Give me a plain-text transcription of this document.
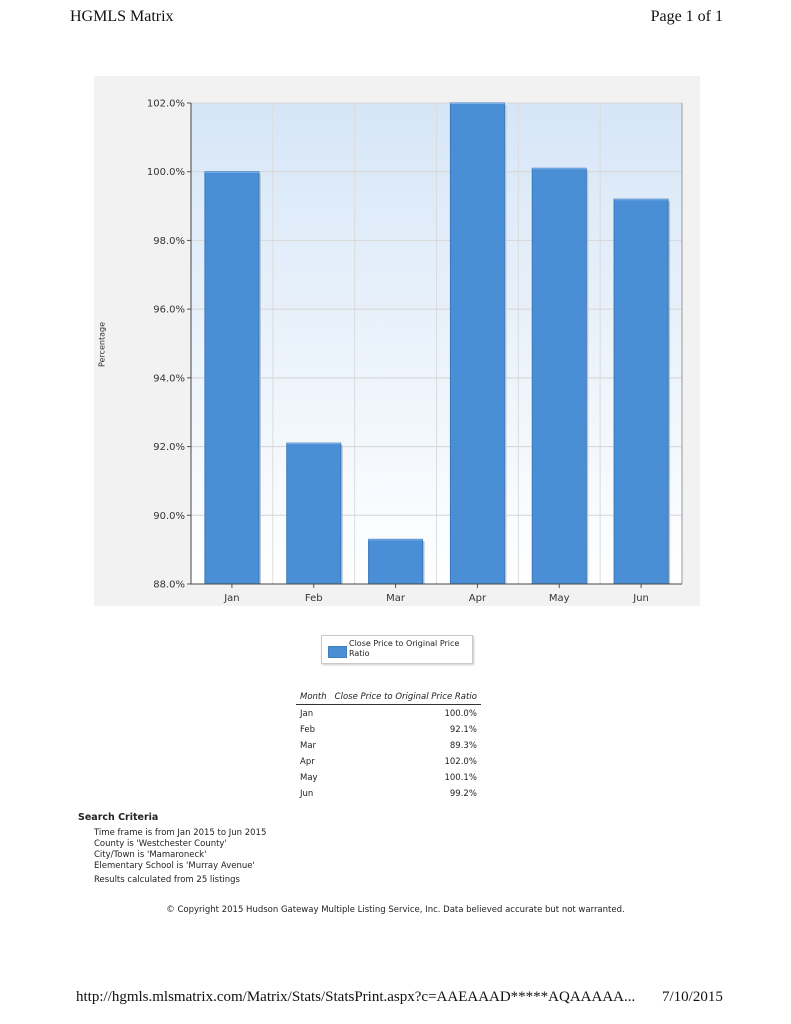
HGMLS Matrix	Page 1 of 1
88.0%
90.0%
92.0%
94.0%
96.0%
98.0%
100.0%
102.0%
Jan	Feb	Mar	Apr	May	Jun
Percentage
Close Price to Original Price Ratio
Month	Close Price to Original Price Ratio
Jan	100.0%
Feb	92.1%
Mar	89.3%
Apr	102.0%
May	100.1%
Jun	99.2%
Search Criteria
Time frame is from Jan 2015 to Jun 2015
County is 'Westchester County'
City/Town is 'Mamaroneck'
Elementary School is 'Murray Avenue'
Results calculated from 25 listings
© Copyright 2015 Hudson Gateway Multiple Listing Service, Inc. Data believed accurate but not warranted.
http://hgmls.mlsmatrix.com/Matrix/Stats/StatsPrint.aspx?c=AAEAAAD*****AQAAAAA... 7/10/2015
